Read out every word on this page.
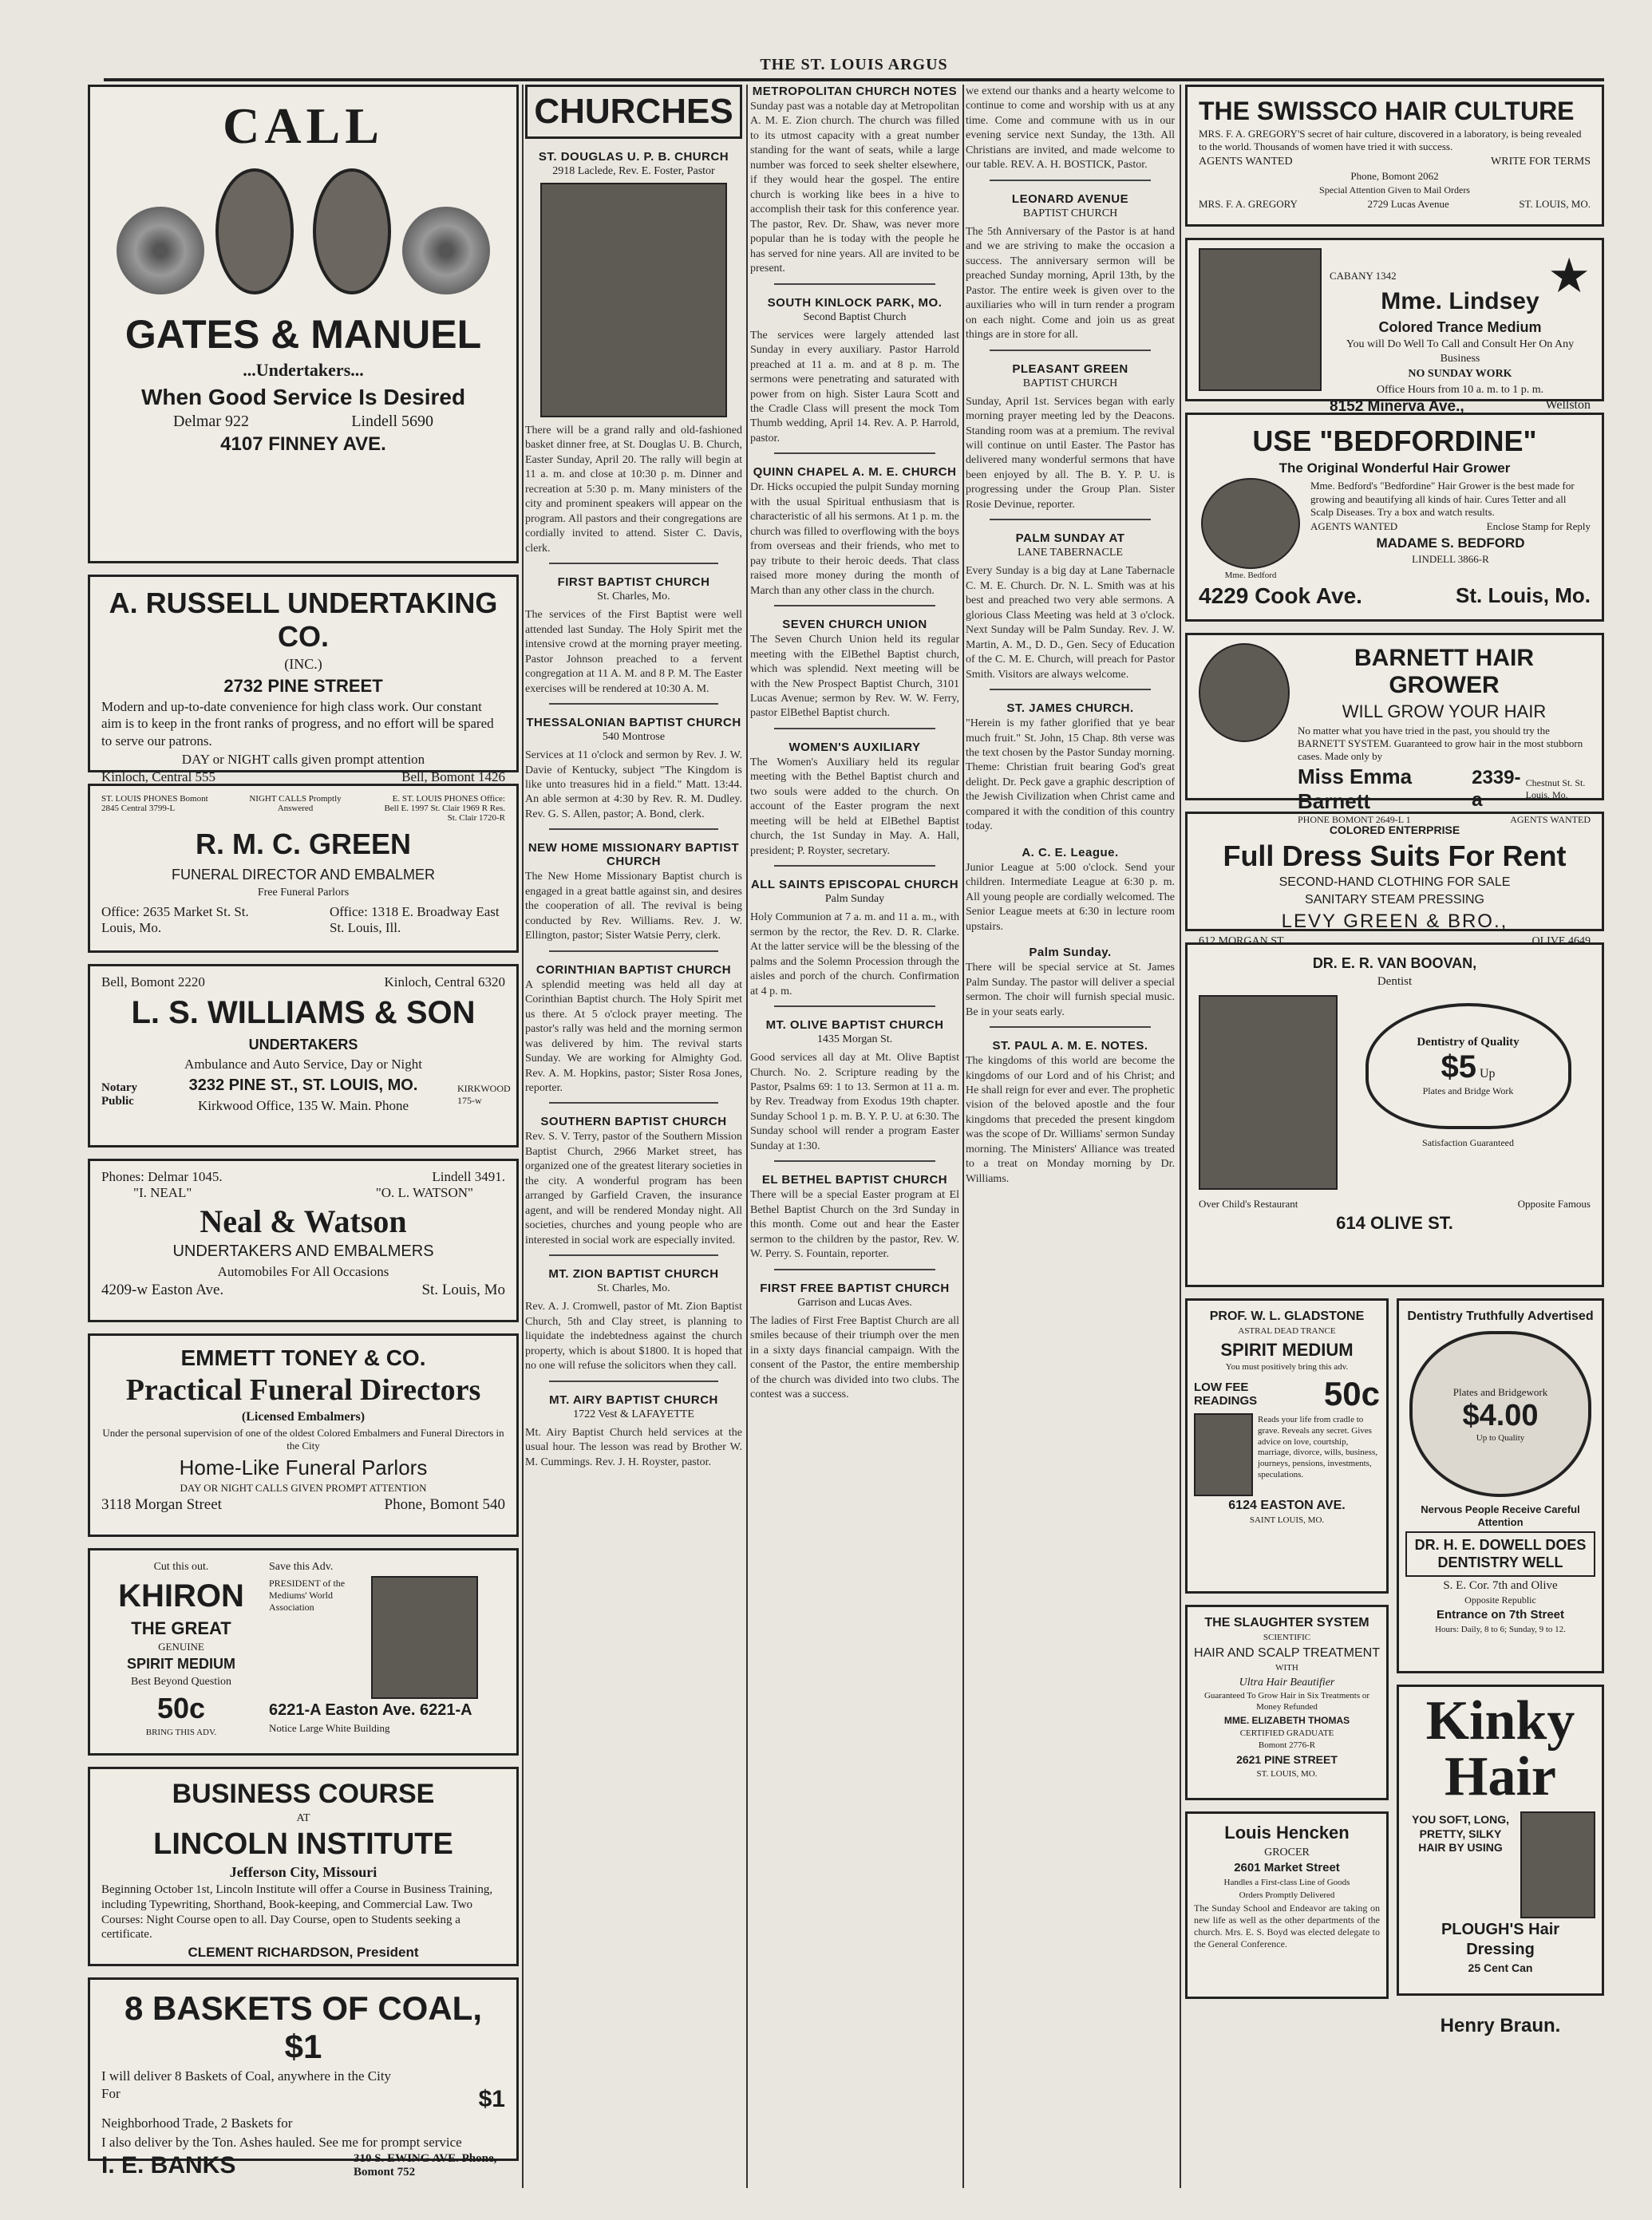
THE ST. LOUIS ARGUS
CALL

GATES & MANUEL

...Undertakers...

When Good Service Is Desired

Delmar 922	Lindell 5690

4107 FINNEY AVE.

A. RUSSELL UNDERTAKING CO.

(INC.)

2732 PINE STREET

Modern and up-to-date convenience for high class work. Our constant aim is to keep in the front ranks of progress, and no effort will be spared to serve our patrons.

DAY or NIGHT calls given prompt attention

Kinloch, Central 555	Bell, Bomont 1426
ST. LOUIS PHONES Bomont 2845 Central 3799-L
NIGHT CALLS Promptly Answered
E. ST. LOUIS PHONES Office: Bell E. 1997 St. Clair 1969 R Res. St. Clair 1720-R
R. M. C. GREEN

FUNERAL DIRECTOR AND EMBALMER

Free Funeral Parlors

Office: 2635 Market St. St. Louis, Mo.
Office: 1318 E. Broadway East St. Louis, Ill.
Bell, Bomont 2220	Kinloch, Central 6320
L. S. WILLIAMS & SON

UNDERTAKERS

Ambulance and Auto Service, Day or Night

Notary Public

3232 PINE ST., ST. LOUIS, MO.

Kirkwood Office, 135 W. Main. Phone

KIRKWOOD 175-w
Phones: Delmar 1045.	Lindell 3491.
"I. NEAL"	"O. L. WATSON"
Neal & Watson

UNDERTAKERS AND EMBALMERS

Automobiles For All Occasions

4209-w Easton Ave.	St. Louis, Mo
EMMETT TONEY & CO.
Practical Funeral Directors

(Licensed Embalmers)

Under the personal supervision of one of the oldest Colored Embalmers and Funeral Directors in the City

Home-Like Funeral Parlors

DAY OR NIGHT CALLS GIVEN PROMPT ATTENTION

3118 Morgan Street	Phone, Bomont 540

Cut this out.

KHIRON

THE GREAT

GENUINE

SPIRIT MEDIUM

Best Beyond Question

50c

BRING THIS ADV.

Save this Adv.

PRESIDENT of the Mediums' World Association

6221-A Easton Ave. 6221-A

Notice Large White Building

BUSINESS COURSE

AT

LINCOLN INSTITUTE

Jefferson City, Missouri

Beginning October 1st, Lincoln Institute will offer a Course in Business Training, including Typewriting, Shorthand, Book-keeping, and Commercial Law. Two Courses: Night Course open to all. Day Course, open to Students seeking a certificate.

CLEMENT RICHARDSON, President

8 BASKETS OF COAL, $1

I will deliver 8 Baskets of Coal, anywhere in the City

For	$1

Neighborhood Trade, 2 Baskets for

I also deliver by the Ton. Ashes hauled. See me for prompt service

I. E. BANKS	310 S. EWING AVE. Phone, Bomont 752
CHURCHES

ST. DOUGLAS U. P. B. CHURCH

2918 Laclede, Rev. E. Foster, Pastor

There will be a grand rally and old-fashioned basket dinner free, at St. Douglas U. B. Church, Easter Sunday, April 20. The rally will begin at 11 a. m. and close at 10:30 p. m. Dinner and recreation at 5:30 p. m. Many ministers of the city and prominent speakers will appear on the program. All pastors and their congregations are cordially invited to attend. Sister C. Davis, clerk.

FIRST BAPTIST CHURCH

St. Charles, Mo.

The services of the First Baptist were well attended last Sunday. The Holy Spirit met the intensive crowd at the morning prayer meeting. Pastor Johnson preached to a fervent congregation at 11 A. M. and 8 P. M. The Easter exercises will be rendered at 10:30 A. M.

THESSALONIAN BAPTIST CHURCH

540 Montrose

Services at 11 o'clock and sermon by Rev. J. W. Davie of Kentucky, subject "The Kingdom is like unto treasures hid in a field." Matt. 13:44. An able sermon at 4:30 by Rev. R. M. Dudley. Rev. G. S. Allen, pastor; A. Bond, clerk.

NEW HOME MISSIONARY BAPTIST CHURCH

The New Home Missionary Baptist church is engaged in a great battle against sin, and desires the cooperation of all. The revival is being conducted by Rev. Williams. Rev. J. W. Ellington, pastor; Sister Watsie Perry, clerk.

CORINTHIAN BAPTIST CHURCH

A splendid meeting was held all day at Corinthian Baptist church. The Holy Spirit met us there. At 5 o'clock prayer meeting. The pastor's rally was held and the morning sermon was delivered by him. The revival starts Sunday. We are working for Almighty God. Rev. A. M. Hopkins, pastor; Sister Rosa Jones, reporter.

SOUTHERN BAPTIST CHURCH

Rev. S. V. Terry, pastor of the Southern Mission Baptist Church, 2966 Market street, has organized one of the greatest literary societies in the city. A wonderful program has been arranged by Garfield Craven, the insurance agent, and will be rendered Monday night. All societies, churches and young people who are interested in social work are especially invited.

MT. ZION BAPTIST CHURCH

St. Charles, Mo.

Rev. A. J. Cromwell, pastor of Mt. Zion Baptist Church, 5th and Clay street, is planning to liquidate the indebtedness against the church property, which is about $1800. It is hoped that no one will refuse the solicitors when they call.

MT. AIRY BAPTIST CHURCH

1722 Vest & LAFAYETTE

Mt. Airy Baptist Church held services at the usual hour. The lesson was read by Brother W. M. Cummings. Rev. J. H. Royster, pastor.

METROPOLITAN CHURCH NOTES

Sunday past was a notable day at Metropolitan A. M. E. Zion church. The church was filled to its utmost capacity with a great number standing for the want of seats, while a large number was forced to seek shelter elsewhere, if they would hear the gospel. The entire church is working like bees in a hive to accomplish their task for this conference year. The pastor, Rev. Dr. Shaw, was never more popular than he is today with the people he has served for nine years. All are invited to be present.

SOUTH KINLOCK PARK, MO.

Second Baptist Church

The services were largely attended last Sunday in every auxiliary. Pastor Harrold preached at 11 a. m. and at 8 p. m. The sermons were penetrating and saturated with power from on high. Sister Laura Scott and the Cradle Class will present the mock Tom Thumb wedding, April 14. Rev. A. P. Harrold, pastor.

QUINN CHAPEL A. M. E. CHURCH

Dr. Hicks occupied the pulpit Sunday morning with the usual Spiritual enthusiasm that is characteristic of all his sermons. At 1 p. m. the church was filled to overflowing with the boys from overseas and their friends, who met to pay tribute to their heroic deeds. That class raised more money during the month of March than any other class in the church.

SEVEN CHURCH UNION

The Seven Church Union held its regular meeting with the ElBethel Baptist church, which was splendid. Next meeting will be with the New Prospect Baptist Church, 3101 Lucas Avenue; sermon by Rev. W. W. Ferry, pastor ElBethel Baptist church.

WOMEN'S AUXILIARY

The Women's Auxiliary held its regular meeting with the Bethel Baptist church and two souls were added to the church. On account of the Easter program the next meeting will be held at ElBethel Baptist church, the 1st Sunday in May. A. Hall, president; P. Royster, secretary.

ALL SAINTS EPISCOPAL CHURCH

Palm Sunday

Holy Communion at 7 a. m. and 11 a. m., with sermon by the rector, the Rev. D. R. Clarke. At the latter service will be the blessing of the palms and the Solemn Procession through the aisles and porch of the church. Confirmation at 4 p. m.

MT. OLIVE BAPTIST CHURCH

1435 Morgan St.

Good services all day at Mt. Olive Baptist Church. No. 2. Scripture reading by the Pastor, Psalms 69: 1 to 13. Sermon at 11 a. m. by Rev. Treadway from Exodus 19th chapter. Sunday School 1 p. m. B. Y. P. U. at 6:30. The Sunday school will render a program Easter Sunday at 1:30.

EL BETHEL BAPTIST CHURCH

There will be a special Easter program at El Bethel Baptist Church on the 3rd Sunday in this month. Come out and hear the Easter sermon to the children by the pastor, Rev. W. W. Perry. S. Fountain, reporter.

FIRST FREE BAPTIST CHURCH

Garrison and Lucas Aves.

The ladies of First Free Baptist Church are all smiles because of their triumph over the men in a sixty days financial campaign. With the consent of the Pastor, the entire membership of the church was divided into two clubs. The contest was a success.

we extend our thanks and a hearty welcome to continue to come and worship with us at any time. Come and commune with us in our evening service next Sunday, the 13th. All Christians are invited, and made welcome to our table. REV. A. H. BOSTICK, Pastor.

LEONARD AVENUE

BAPTIST CHURCH

The 5th Anniversary of the Pastor is at hand and we are striving to make the occasion a success. The anniversary sermon will be preached Sunday morning, April 13th, by the Pastor. The entire week is given over to the auxiliaries who will in turn render a program on each night. Come and join us as great things are in store for all.

PLEASANT GREEN

BAPTIST CHURCH

Sunday, April 1st. Services began with early morning prayer meeting led by the Deacons. Standing room was at a premium. The revival will continue on until Easter. The Pastor has delivered many wonderful sermons that have been enjoyed by all. The B. Y. P. U. is progressing under the Group Plan. Sister Rosie Devinue, reporter.

PALM SUNDAY AT

LANE TABERNACLE

Every Sunday is a big day at Lane Tabernacle C. M. E. Church. Dr. N. L. Smith was at his best and preached two very able sermons. A glorious Class Meeting was held at 3 o'clock. Next Sunday will be Palm Sunday. Rev. J. W. Martin, A. M., D. D., Gen. Secy of Education of the C. M. E. Church, will preach for Pastor Smith. Visitors are always welcome.

ST. JAMES CHURCH.

"Herein is my father glorified that ye bear much fruit." St. John, 15 Chap. 8th verse was the text chosen by the Pastor Sunday morning. Theme: Christian fruit bearing God's great delight. Dr. Peck gave a graphic description of the Jewish Civilization when Christ came and compared it with the condition of this country today.

A. C. E. League.

Junior League at 5:00 o'clock. Send your children. Intermediate League at 6:30 p. m. All young people are cordially welcomed. The Senior League meets at 6:30 in lecture room upstairs.

Palm Sunday.

There will be special service at St. James Palm Sunday. The pastor will deliver a special sermon. The choir will furnish special music. Be in your seats early.

ST. PAUL A. M. E. NOTES.

The kingdoms of this world are become the kingdoms of our Lord and of his Christ; and He shall reign for ever and ever. The prophetic vision of the beloved apostle and the four kingdoms that preceded the present kingdom was the scope of Dr. Williams' sermon Sunday morning. The Ministers' Alliance was treated to a treat on Monday morning by Dr. Williams.

THE SWISSCO HAIR CULTURE

MRS. F. A. GREGORY'S secret of hair culture, discovered in a laboratory, is being revealed to the world. Thousands of women have tried it with success.

AGENTS WANTED	WRITE FOR TERMS

Phone, Bomont 2062

Special Attention Given to Mail Orders

MRS. F. A. GREGORY	2729 Lucas Avenue	ST. LOUIS, MO.
CABANY 1342	★

Mme. Lindsey

Colored Trance Medium

You will Do Well To Call and Consult Her On Any Business

NO SUNDAY WORK

Office Hours from 10 a. m. to 1 p. m.

8152 Minerva Ave.,	Wellston
USE "BEDFORDINE"

The Original Wonderful Hair Grower

Mme. Bedford

Mme. Bedford's "Bedfordine" Hair Grower is the best made for growing and beautifying all kinds of hair. Cures Tetter and all Scalp Diseases. Try a box and watch results.

AGENTS WANTED	Enclose Stamp for Reply

MADAME S. BEDFORD

LINDELL 3866-R

4229 Cook Ave.	St. Louis, Mo.
BARNETT HAIR GROWER

WILL GROW YOUR HAIR

No matter what you have tried in the past, you should try the BARNETT SYSTEM. Guaranteed to grow hair in the most stubborn cases. Made only by

Miss Emma Barnett
2339-a
Chestnut St. St. Louis, Mo.
PHONE BOMONT 2649-L 1	AGENTS WANTED

COLORED ENTERPRISE

Full Dress Suits For Rent

SECOND-HAND CLOTHING FOR SALE

SANITARY STEAM PRESSING

LEVY GREEN & BRO.,

612 MORGAN ST.	OLIVE 4649

DR. E. R. VAN BOOVAN,

Dentist

Dentistry of Quality
$5 Up
Plates and Bridge Work

Satisfaction Guaranteed

Over Child's Restaurant	Opposite Famous

614 OLIVE ST.

PROF. W. L. GLADSTONE

ASTRAL DEAD TRANCE

SPIRIT MEDIUM

You must positively bring this adv.

LOW FEE READINGS 50c

Reads your life from cradle to grave. Reveals any secret. Gives advice on love, courtship, marriage, divorce, wills, business, journeys, pensions, investments, speculations.

6124 EASTON AVE.

SAINT LOUIS, MO.

THE SLAUGHTER SYSTEM

SCIENTIFIC

HAIR AND SCALP TREATMENT

WITH

Ultra Hair Beautifier

Guaranteed To Grow Hair in Six Treatments or Money Refunded

MME. ELIZABETH THOMAS

CERTIFIED GRADUATE

Bomont 2776-R

2621 PINE STREET

ST. LOUIS, MO.

Louis Hencken

GROCER

2601 Market Street

Handles a First-class Line of Goods

Orders Promptly Delivered

The Sunday School and Endeavor are taking on new life as well as the other departments of the church. Mrs. E. S. Boyd was elected delegate to the General Conference.

Dentistry Truthfully Advertised

Plates and Bridgework
$4.00
Up to Quality

Nervous People Receive Careful Attention

DR. H. E. DOWELL DOES DENTISTRY WELL

S. E. Cor. 7th and Olive

Opposite Republic

Entrance on 7th Street

Hours: Daily, 8 to 6; Sunday, 9 to 12.

Kinky

Hair

YOU SOFT, LONG, PRETTY, SILKY HAIR BY USING

PLOUGH'S Hair Dressing

25 Cent Can

Henry Braun.
